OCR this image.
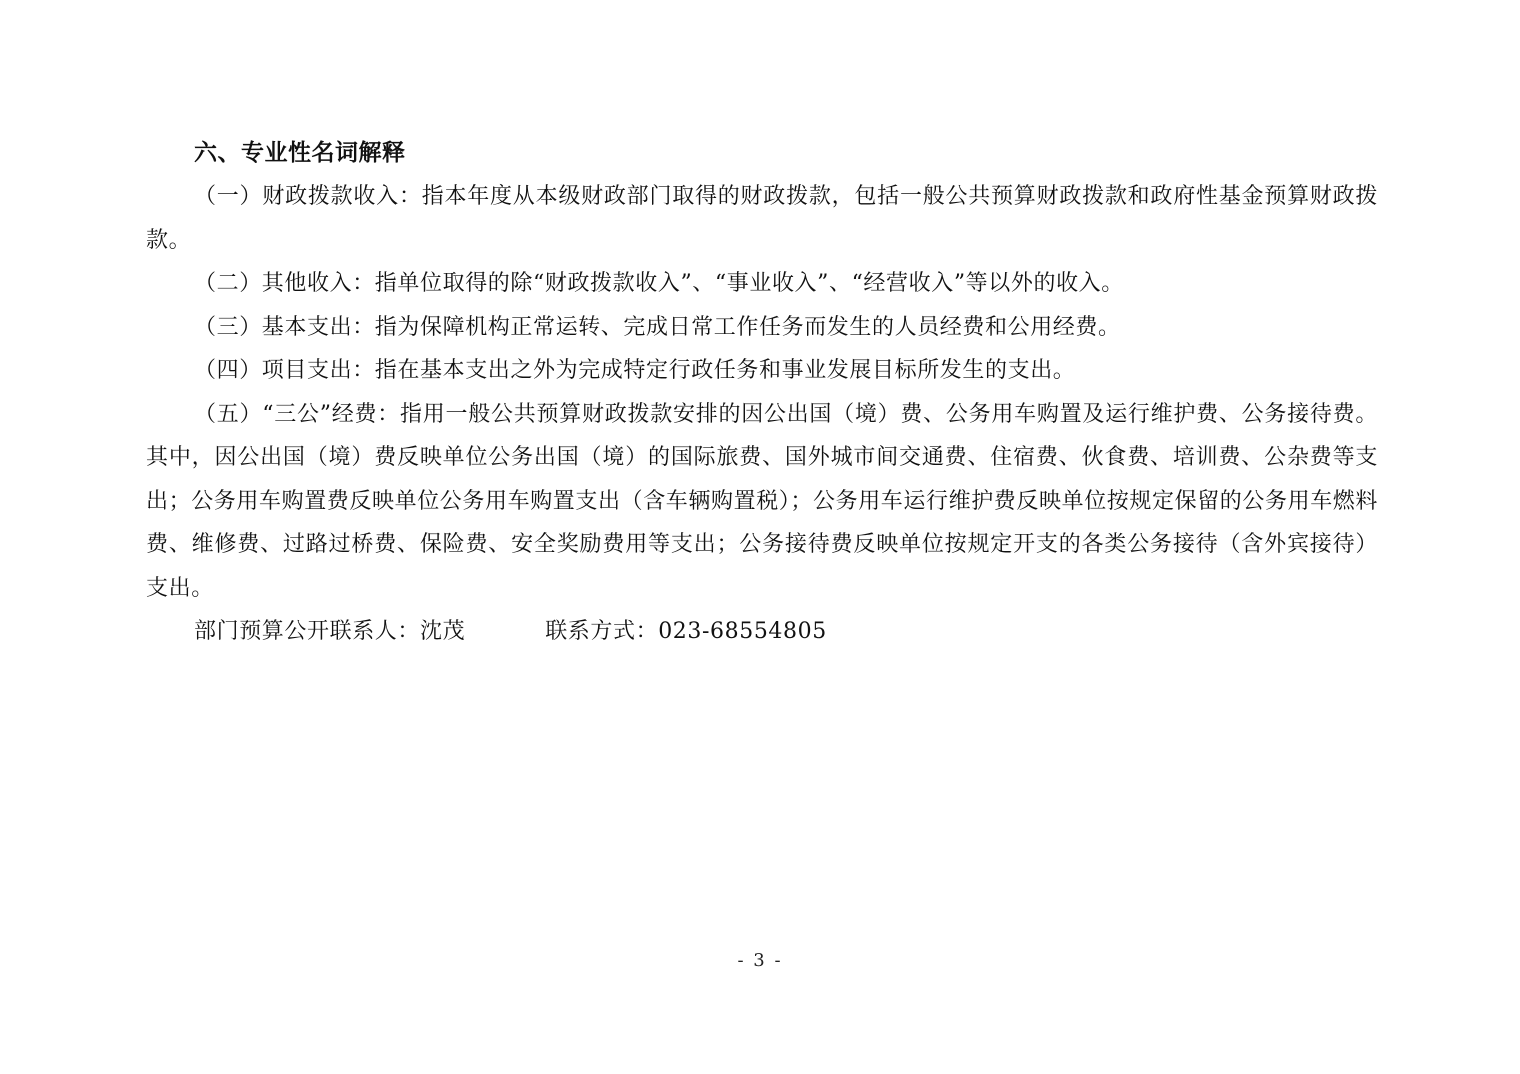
六、专业性名词解释

（一）财政拨款收入：指本年度从本级财政部门取得的财政拨款，包括一般公共预算财政拨款和政府性基金预算财政拨款。

（二）其他收入：指单位取得的除“财政拨款收入”、“事业收入”、“经营收入”等以外的收入。

（三）基本支出：指为保障机构正常运转、完成日常工作任务而发生的人员经费和公用经费。

（四）项目支出：指在基本支出之外为完成特定行政任务和事业发展目标所发生的支出。

（五）“三公”经费：指用一般公共预算财政拨款安排的因公出国（境）费、公务用车购置及运行维护费、公务接待费。其中，因公出国（境）费反映单位公务出国（境）的国际旅费、国外城市间交通费、住宿费、伙食费、培训费、公杂费等支出；公务用车购置费反映单位公务用车购置支出（含车辆购置税）；公务用车运行维护费反映单位按规定保留的公务用车燃料费、维修费、过路过桥费、保险费、安全奖励费用等支出；公务接待费反映单位按规定开支的各类公务接待（含外宾接待）支出。

部门预算公开联系人：沈茂	联系方式：023-68554805

- 3 -
